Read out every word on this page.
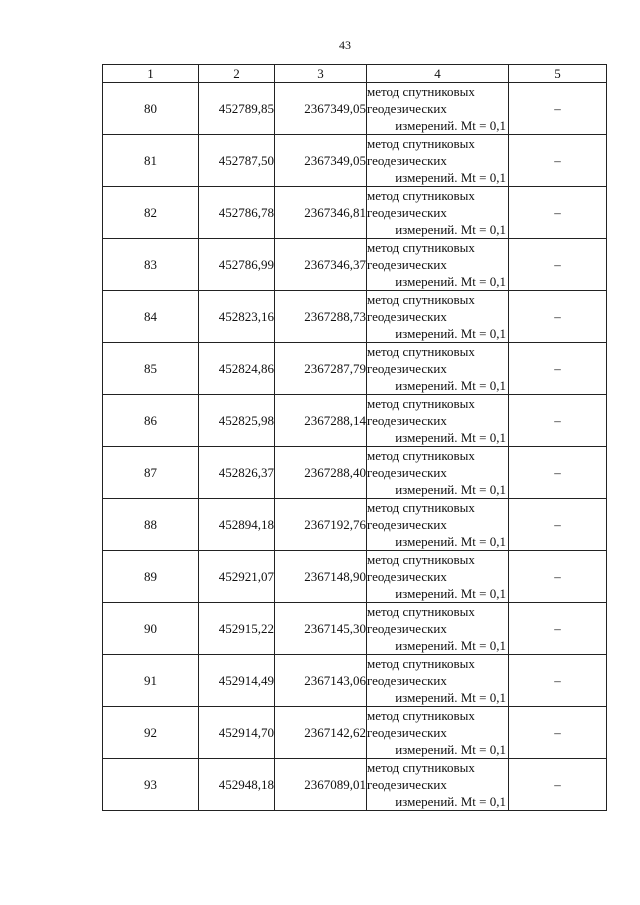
43
1	2	3	4	5
80	452789,85	2367349,05	метод спутниковых
геодезических
измерений. Mt = 0,1	–
81	452787,50	2367349,05	метод спутниковых
геодезических
измерений. Mt = 0,1	–
82	452786,78	2367346,81	метод спутниковых
геодезических
измерений. Mt = 0,1	–
83	452786,99	2367346,37	метод спутниковых
геодезических
измерений. Mt = 0,1	–
84	452823,16	2367288,73	метод спутниковых
геодезических
измерений. Mt = 0,1	–
85	452824,86	2367287,79	метод спутниковых
геодезических
измерений. Mt = 0,1	–
86	452825,98	2367288,14	метод спутниковых
геодезических
измерений. Mt = 0,1	–
87	452826,37	2367288,40	метод спутниковых
геодезических
измерений. Mt = 0,1	–
88	452894,18	2367192,76	метод спутниковых
геодезических
измерений. Mt = 0,1	–
89	452921,07	2367148,90	метод спутниковых
геодезических
измерений. Mt = 0,1	–
90	452915,22	2367145,30	метод спутниковых
геодезических
измерений. Mt = 0,1	–
91	452914,49	2367143,06	метод спутниковых
геодезических
измерений. Mt = 0,1	–
92	452914,70	2367142,62	метод спутниковых
геодезических
измерений. Mt = 0,1	–
93	452948,18	2367089,01	метод спутниковых
геодезических
измерений. Mt = 0,1	–
